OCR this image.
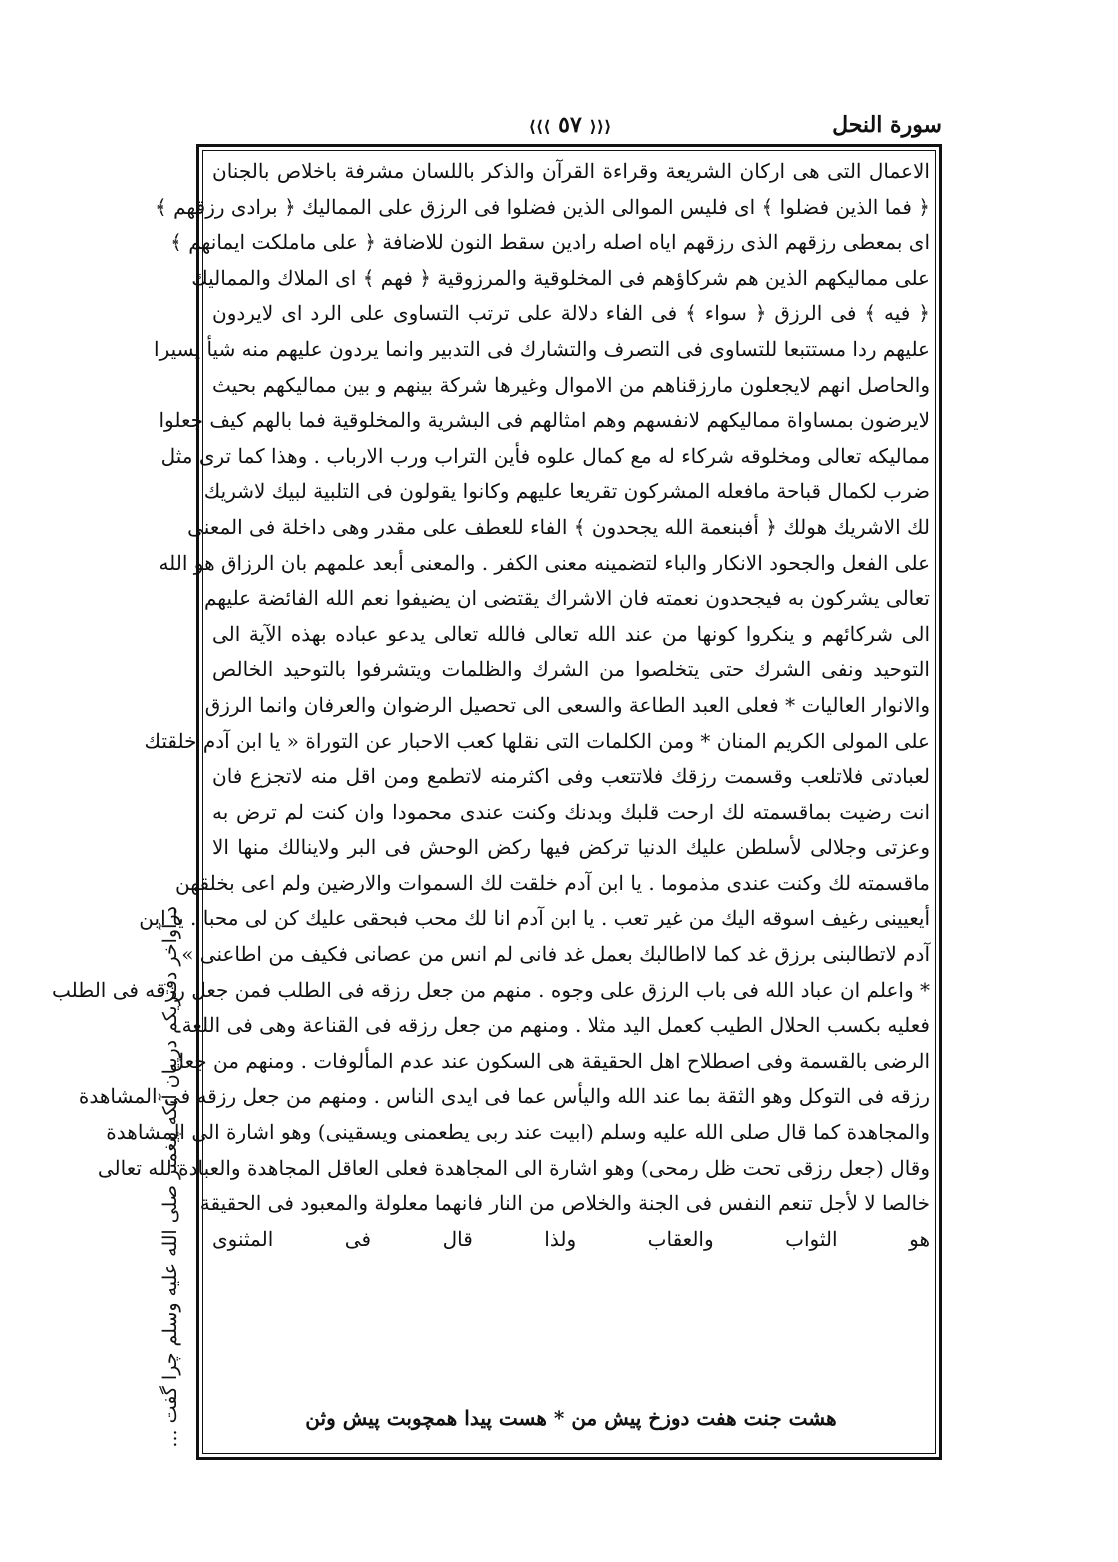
سورة النحل
⟨⟨⟨ ٥٧ ⟩⟩⟩
الاعمال التى هى اركان الشريعة وقراءة القرآن والذكر باللسان مشرفة باخلاص بالجنان
﴿ فما الذين فضلوا ﴾ اى فليس الموالى الذين فضلوا فى الرزق على المماليك ﴿ برادى رزقهم ﴾
اى بمعطى رزقهم الذى رزقهم اياه اصله رادين سقط النون للاضافة ﴿ على ماملكت ايمانهم ﴾
على مماليكهم الذين هم شركاؤهم فى المخلوقية والمرزوقية ﴿ فهم ﴾ اى الملاك والمماليك
﴿ فيه ﴾ فى الرزق ﴿ سواء ﴾ فى الفاء دلالة على ترتب التساوى على الرد اى لايردون
عليهم ردا مستتبعا للتساوى فى التصرف والتشارك فى التدبير وانما يردون عليهم منه شيأ يسيرا
والحاصل انهم لايجعلون مارزقناهم من الاموال وغيرها شركة بينهم و بين مماليكهم بحيث
لايرضون بمساواة مماليكهم لانفسهم وهم امثالهم فى البشرية والمخلوقية فما بالهم كيف جعلوا
مماليكه تعالى ومخلوقه شركاء له مع كمال علوه فأين التراب ورب الارباب . وهذا كما ترى مثل
ضرب لكمال قباحة مافعله المشركون تقريعا عليهم وكانوا يقولون فى التلبية لبيك لاشريك
لك الاشريك هولك ﴿ أفبنعمة الله يجحدون ﴾ الفاء للعطف على مقدر وهى داخلة فى المعنى
على الفعل والجحود الانكار والباء لتضمينه معنى الكفر . والمعنى أبعد علمهم بان الرزاق هو الله
تعالى يشركون به فيجحدون نعمته فان الاشراك يقتضى ان يضيفوا نعم الله الفائضة عليهم
الى شركائهم و ينكروا كونها من عند الله تعالى فالله تعالى يدعو عباده بهذه الآية الى
التوحيد ونفى الشرك حتى يتخلصوا من الشرك والظلمات ويتشرفوا بالتوحيد الخالص
والانوار العاليات * فعلى العبد الطاعة والسعى الى تحصيل الرضوان والعرفان وانما الرزق
على المولى الكريم المنان * ومن الكلمات التى نقلها كعب الاحبار عن التوراة « يا ابن آدم خلقتك
لعبادتى فلاتلعب وقسمت رزقك فلاتتعب وفى اكثرمنه لاتطمع ومن اقل منه لاتجزع فان
انت رضيت بماقسمته لك ارحت قلبك وبدنك وكنت عندى محمودا وان كنت لم ترض به
وعزتى وجلالى لأسلطن عليك الدنيا تركض فيها ركض الوحش فى البر ولاينالك منها الا
ماقسمته لك وكنت عندى مذموما . يا ابن آدم خلقت لك السموات والارضين ولم اعى بخلقهن
أيعيينى رغيف اسوقه اليك من غير تعب . يا ابن آدم انا لك محب فبحقى عليك كن لى محبا . يا ابن
آدم لاتطالبنى برزق غد كما لااطالبك بعمل غد فانى لم انس من عصانى فكيف من اطاعنى »
* واعلم ان عباد الله فى باب الرزق على وجوه . منهم من جعل رزقه فى الطلب فمن جعل رزقه فى الطلب
فعليه بكسب الحلال الطيب كعمل اليد مثلا . ومنهم من جعل رزقه فى القناعة وهى فى اللغة
الرضى بالقسمة وفى اصطلاح اهل الحقيقة هى السكون عند عدم المألوفات . ومنهم من جعل
رزقه فى التوكل وهو الثقة بما عند الله واليأس عما فى ايدى الناس . ومنهم من جعل رزقه فى المشاهدة
والمجاهدة كما قال صلى الله عليه وسلم (ابيت عند ربى يطعمنى ويسقينى) وهو اشارة الى المشاهدة
وقال (جعل رزقى تحت ظل رمحى) وهو اشارة الى المجاهدة فعلى العاقل المجاهدة والعبادة لله تعالى
خالصا لا لأجل تنعم النفس فى الجنة والخلاص من النار فانهما معلولة والمعبود فى الحقيقة
هو الثواب والعقاب ولذا قال فى المثنوى
هشت جنت هفت دوزخ پيش من * هست پيدا همچوبت پيش وثن
درآواخر دفتريكم درپيان آنكه پيغمبر صلى الله عليه وسلم چرا گفت ...
